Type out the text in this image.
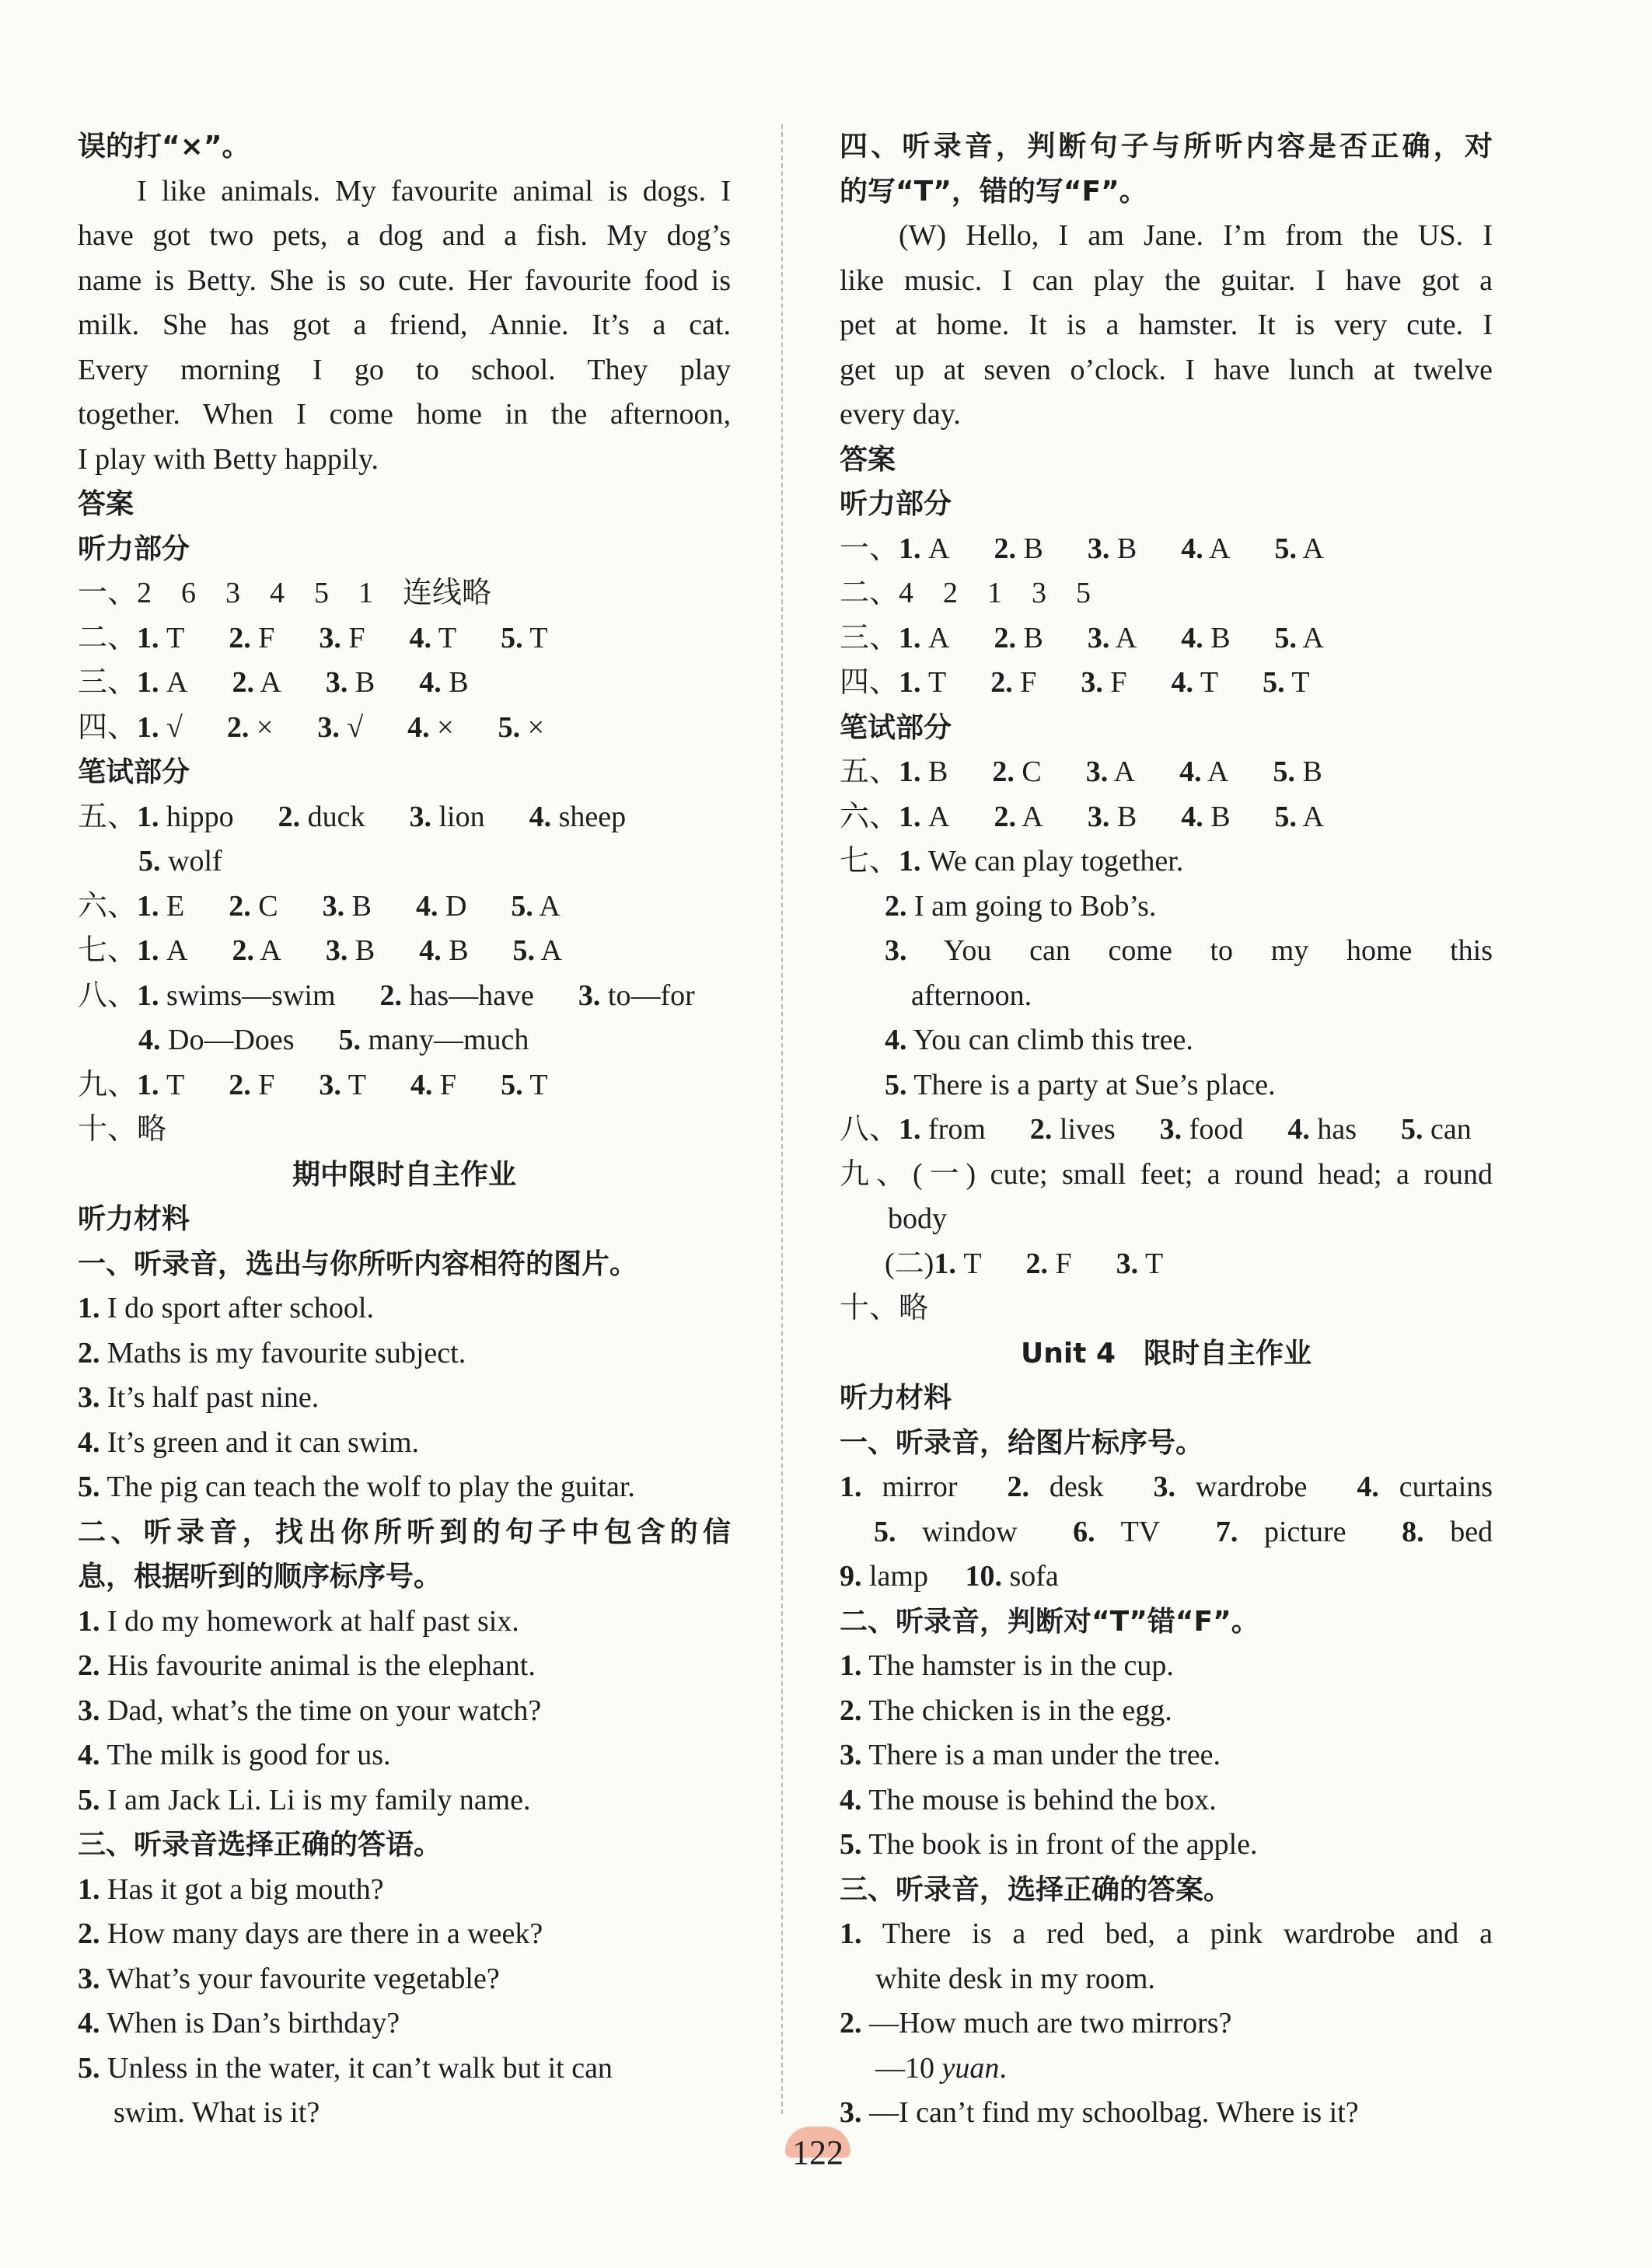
误的打“×”。
I like animals. My favourite animal is dogs. I
have got two pets, a dog and a fish. My dog’s
name is Betty. She is so cute. Her favourite food is
milk. She has got a friend, Annie. It’s a cat.
Every morning I go to school. They play
together. When I come home in the afternoon,
I play with Betty happily.
答案
听力部分
一、2　6　3　4　5　1　连线略
二、1. T   2. F   3. F   4. T   5. T
三、1. A   2. A   3. B   4. B
四、1. √   2. ×   3. √   4. ×   5. ×
笔试部分
五、1. hippo   2. duck   3. lion   4. sheep
5. wolf
六、1. E   2. C   3. B   4. D   5. A
七、1. A   2. A   3. B   4. B   5. A
八、1. swims—swim   2. has—have   3. to—for
4. Do—Does   5. many—much
九、1. T   2. F   3. T   4. F   5. T
十、略
期中限时自主作业
听力材料
一、听录音，选出与你所听内容相符的图片。
1. I do sport after school.
2. Maths is my favourite subject.
3. It’s half past nine.
4. It’s green and it can swim.
5. The pig can teach the wolf to play the guitar.
二、听录音，找出你所听到的句子中包含的信
息，根据听到的顺序标序号。
1. I do my homework at half past six.
2. His favourite animal is the elephant.
3. Dad, what’s the time on your watch?
4. The milk is good for us.
5. I am Jack Li. Li is my family name.
三、听录音选择正确的答语。
1. Has it got a big mouth?
2. How many days are there in a week?
3. What’s your favourite vegetable?
4. When is Dan’s birthday?
5. Unless in the water, it can’t walk but it can
swim. What is it?
四、听录音，判断句子与所听内容是否正确，对
的写“T”，错的写“F”。
(W) Hello, I am Jane. I’m from the US. I
like music. I can play the guitar. I have got a
pet at home. It is a hamster. It is very cute. I
get up at seven o’clock. I have lunch at twelve
every day.
答案
听力部分
一、1. A   2. B   3. B   4. A   5. A
二、4　2　1　3　5
三、1. A   2. B   3. A   4. B   5. A
四、1. T   2. F   3. F   4. T   5. T
笔试部分
五、1. B   2. C   3. A   4. A   5. B
六、1. A   2. A   3. B   4. B   5. A
七、1. We can play together.
2. I am going to Bob’s.
3. You can come to my home this
afternoon.
4. You can climb this tree.
5. There is a party at Sue’s place.
八、1. from   2. lives   3. food   4. has   5. can
九、(一) cute; small feet; a round head; a round
body
(二)1. T   2. F   3. T
十、略
Unit 4　限时自主作业
听力材料
一、听录音，给图片标序号。
1. mirror  2. desk  3. wardrobe  4. curtains
5. window  6. TV  7. picture  8. bed
9. lamp  10. sofa
二、听录音，判断对“T”错“F”。
1. The hamster is in the cup.
2. The chicken is in the egg.
3. There is a man under the tree.
4. The mouse is behind the box.
5. The book is in front of the apple.
三、听录音，选择正确的答案。
1. There is a red bed, a pink wardrobe and a
white desk in my room.
2. —How much are two mirrors?
—10 yuan.
3. —I can’t find my schoolbag. Where is it?
122
